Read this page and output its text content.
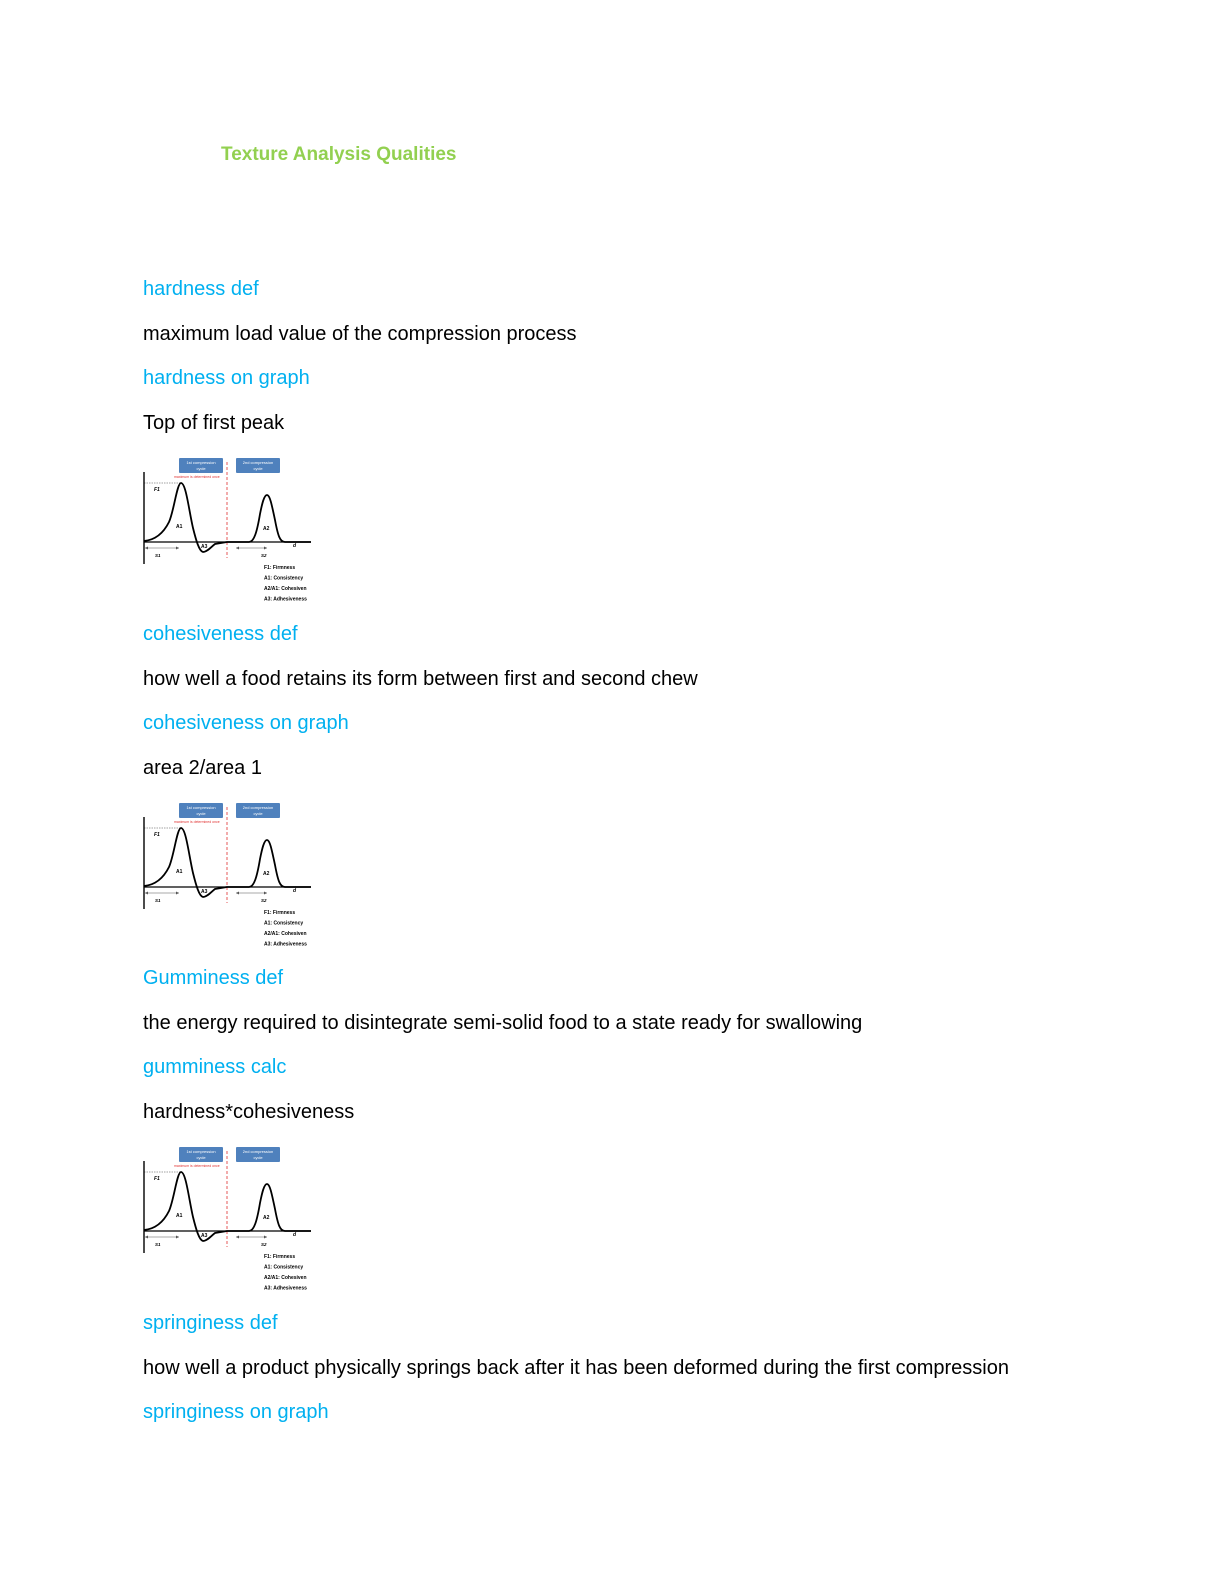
Texture Analysis Qualities
hardness def
maximum load value of the compression process
hardness on graph
Top of first peak
1st compression
cycle
2nd compression
cycle
maximum is determined once
F1
A1	A2
A3	d
S1	S2
F1: Firmness
A1: Consistency
A2/A1: Cohesiven
A3: Adhesiveness
cohesiveness def
how well a food retains its form between first and second chew
cohesiveness on graph
area 2/area 1
1st compression
cycle
2nd compression
cycle
maximum is determined once
F1
A1	A2
A3	d
S1	S2
F1: Firmness
A1: Consistency
A2/A1: Cohesiven
A3: Adhesiveness
Gumminess def
the energy required to disintegrate semi-solid food to a state ready for swallowing
gumminess calc
hardness*cohesiveness
1st compression
cycle
2nd compression
cycle
maximum is determined once
F1
A1	A2
A3	d
S1	S2
F1: Firmness
A1: Consistency
A2/A1: Cohesiven
A3: Adhesiveness
springiness def
how well a product physically springs back after it has been deformed during the first compression
springiness on graph
